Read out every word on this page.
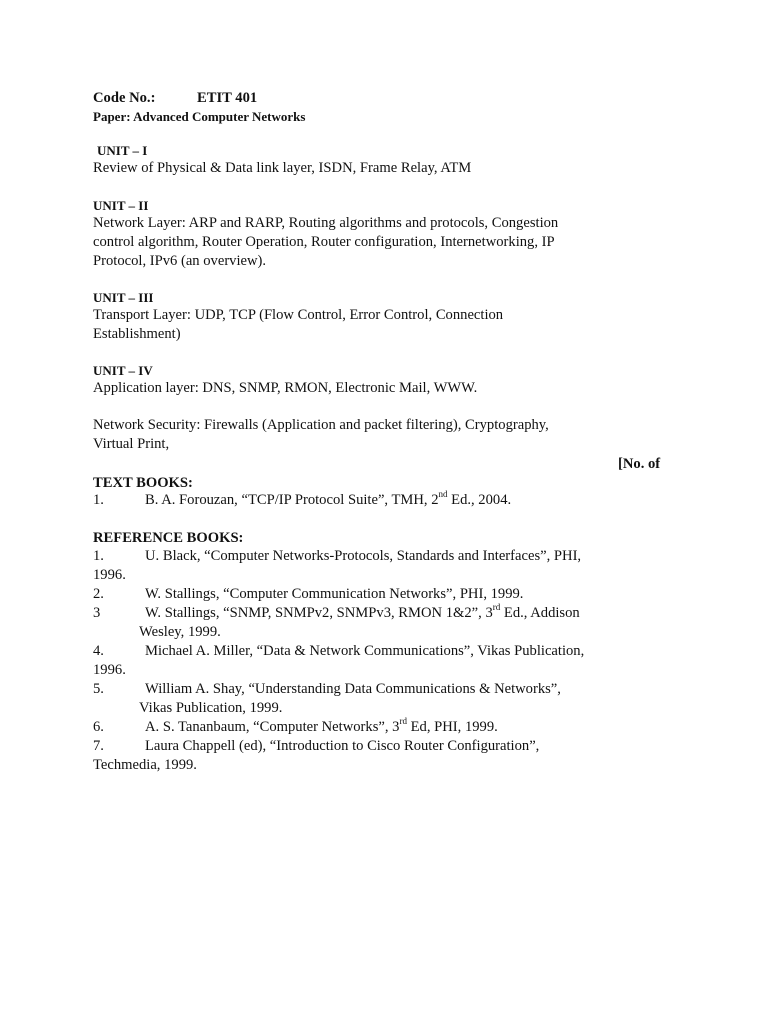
Code No.:	ETIT 401
Paper: Advanced Computer Networks
UNIT – I
Review of Physical & Data link layer, ISDN, Frame Relay, ATM
UNIT – II
Network Layer: ARP and RARP, Routing algorithms and protocols, Congestion
control algorithm, Router Operation, Router configuration, Internetworking, IP
Protocol, IPv6 (an overview).
UNIT – III
Transport Layer: UDP, TCP (Flow Control, Error Control, Connection
Establishment)
UNIT – IV
Application layer: DNS, SNMP, RMON, Electronic Mail, WWW.
Network Security: Firewalls (Application and packet filtering), Cryptography,
Virtual Print,
[No. of
TEXT BOOKS:
1.	B. A. Forouzan, “TCP/IP Protocol Suite”, TMH, 2nd Ed., 2004.
REFERENCE BOOKS:
1.	U. Black, “Computer Networks-Protocols, Standards and Interfaces”, PHI,
1996.
2.	W. Stallings, “Computer Communication Networks”, PHI, 1999.
3	W. Stallings, “SNMP, SNMPv2, SNMPv3, RMON 1&2”, 3rd Ed., Addison
Wesley, 1999.
4.	Michael A. Miller, “Data & Network Communications”, Vikas Publication,
1996.
5.	William A. Shay, “Understanding Data Communications & Networks”,
Vikas Publication, 1999.
6.	A. S. Tananbaum, “Computer Networks”, 3rd Ed, PHI, 1999.
7.	Laura Chappell (ed), “Introduction to Cisco Router Configuration”,
Techmedia, 1999.
